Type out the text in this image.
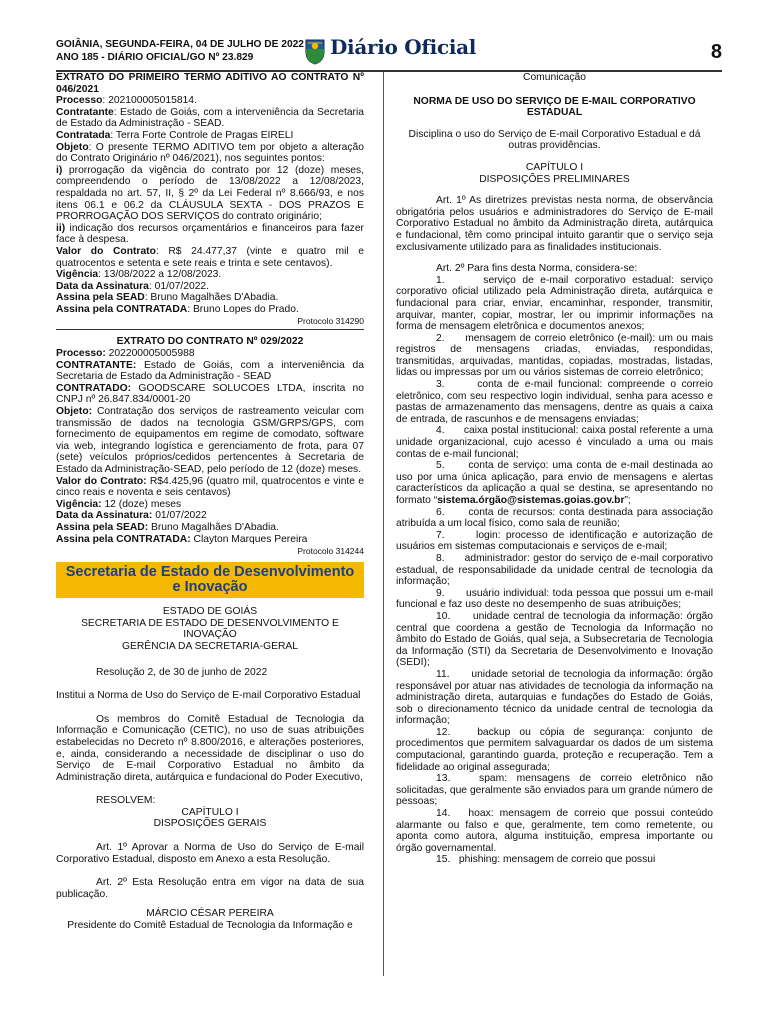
GOIÂNIA, SEGUNDA-FEIRA, 04 DE JULHO DE 2022
ANO 185 - DIÁRIO OFICIAL/GO Nº 23.829	Diário Oficial	8

EXTRATO DO PRIMEIRO TERMO ADITIVO AO CONTRATO Nº 046/2021

Processo: 202100005015814.

Contratante: Estado de Goiás, com a interveniência da Secretaria de Estado da Administração - SEAD.

Contratada: Terra Forte Controle de Pragas EIRELI

Objeto: O presente TERMO ADITIVO tem por objeto a alteração do Contrato Originário nº 046/2021), nos seguintes pontos:

i) prorrogação da vigência do contrato por 12 (doze) meses, compreendendo o período de 13/08/2022 a 12/08/2023, respaldada no art. 57, II, § 2º da Lei Federal nº 8.666/93, e nos itens 06.1 e 06.2 da CLÁUSULA SEXTA - DOS PRAZOS E PRORROGAÇÃO DOS SERVIÇOS do contrato originário;

ii) indicação dos recursos orçamentários e financeiros para fazer face à despesa.

Valor do Contrato: R$ 24.477,37 (vinte e quatro mil e quatrocentos e setenta e sete reais e trinta e sete centavos).

Vigência: 13/08/2022 a 12/08/2023.

Data da Assinatura: 01/07/2022.

Assina pela SEAD: Bruno Magalhães D'Abadia.

Assina pela CONTRATADA: Bruno Lopes do Prado.

Protocolo 314290

EXTRATO DO CONTRATO Nº 029/2022

Processo: 202200005005988

CONTRATANTE: Estado de Goiás, com a interveniência da Secretaria de Estado da Administração - SEAD

CONTRATADO: GOODSCARE SOLUCOES LTDA, inscrita no CNPJ nº 26.847.834/0001-20

Objeto: Contratação dos serviços de rastreamento veicular com transmissão de dados na tecnologia GSM/GRPS/GPS, com fornecimento de equipamentos em regime de comodato, software via web, integrando logística e gerenciamento de frota, para 07 (sete) veículos próprios/cedidos pertencentes à Secretaria de Estado da Administração-SEAD, pelo período de 12 (doze) meses.

Valor do Contrato: R$4.425,96 (quatro mil, quatrocentos e vinte e cinco reais e noventa e seis centavos)

Vigência: 12 (doze) meses

Data da Assinatura: 01/07/2022

Assina pela SEAD: Bruno Magalhães D'Abadia.

Assina pela CONTRATADA: Clayton Marques Pereira

Protocolo 314244

Secretaria de Estado de Desenvolvimento e Inovação

ESTADO DE GOIÁS

SECRETARIA DE ESTADO DE DESENVOLVIMENTO E INOVAÇÃO

GERÊNCIA DA SECRETARIA-GERAL

Resolução 2, de 30 de junho de 2022

Institui a Norma de Uso do Serviço de E-mail Corporativo Estadual

Os membros do Comitê Estadual de Tecnologia da Informação e Comunicação (CETIC), no uso de suas atribuições estabelecidas no Decreto nº 8.800/2016, e alterações posteriores, e, ainda, considerando a necessidade de disciplinar o uso do Serviço de E-mail Corporativo Estadual no âmbito da Administração direta, autárquica e fundacional do Poder Executivo,

RESOLVEM:

CAPÍTULO I

DISPOSIÇÕES GERAIS

Art. 1º Aprovar a Norma de Uso do Serviço de E-mail Corporativo Estadual, disposto em Anexo a esta Resolução.

Art. 2º Esta Resolução entra em vigor na data de sua publicação.

MÁRCIO CÉSAR PEREIRA

Presidente do Comitê Estadual de Tecnologia da Informação e

Comunicação

NORMA DE USO DO SERVIÇO DE E-MAIL CORPORATIVO ESTADUAL

Disciplina o uso do Serviço de E-mail Corporativo Estadual e dá outras providências.

CAPÍTULO I

DISPOSIÇÕES PRELIMINARES

Art. 1º As diretrizes previstas nesta norma, de observância obrigatória pelos usuários e administradores do Serviço de E-mail Corporativo Estadual no âmbito da Administração direta, autárquica e fundacional, têm como principal intuito garantir que o serviço seja exclusivamente utilizado para as finalidades institucionais.

Art. 2º Para fins desta Norma, considera-se:

1.      serviço de e-mail corporativo estadual: serviço corporativo oficial utilizado pela Administração direta, autárquica e fundacional para criar, enviar, encaminhar, responder, transmitir, arquivar, manter, copiar, mostrar, ler ou imprimir informações na forma de mensagem eletrônica e documentos anexos;

2.      mensagem de correio eletrônico (e-mail): um ou mais registros de mensagens criadas, enviadas, respondidas, transmitidas, arquivadas, mantidas, copiadas, mostradas, listadas, lidas ou impressas por um ou vários sistemas de correio eletrônico;

3.      conta de e-mail funcional: compreende o correio eletrônico, com seu respectivo login individual, senha para acesso e pastas de armazenamento das mensagens, dentre as quais a caixa de entrada, de rascunhos e de mensagens enviadas;

4.      caixa postal institucional: caixa postal referente a uma unidade organizacional, cujo acesso é vinculado a uma ou mais contas de e-mail funcional;

5.      conta de serviço: uma conta de e-mail destinada ao uso por uma única aplicação, para envio de mensagens e alertas característicos da aplicação a qual se destina, se apresentando no formato “sistema.órgão@sistemas.goias.gov.br”;

6.      conta de recursos: conta destinada para associação atribuída a um local físico, como sala de reunião;

7.      login: processo de identificação e autorização de usuários em sistemas computacionais e serviços de e-mail;

8.      administrador: gestor do serviço de e-mail corporativo estadual, de responsabilidade da unidade central de tecnologia da informação;

9.      usuário individual: toda pessoa que possui um e-mail funcional e faz uso deste no desempenho de suas atribuições;

10.      unidade central de tecnologia da informação: órgão central que coordena a gestão de Tecnologia da Informação no âmbito do Estado de Goiás, qual seja, a Subsecretaria de Tecnologia da Informação (STI) da Secretaria de Desenvolvimento e Inovação (SEDI);

11.      unidade setorial de tecnologia da informação: órgão responsável por atuar nas atividades de tecnologia da informação na administração direta, autarquias e fundações do Estado de Goiás, sob o direcionamento técnico da unidade central de tecnologia da informação;

12.   backup ou cópia de segurança: conjunto de procedimentos que permitem salvaguardar os dados de um sistema computacional, garantindo guarda, proteção e recuperação. Tem a fidelidade ao original assegurada;

13.   spam: mensagens de correio eletrônico não solicitadas, que geralmente são enviados para um grande número de pessoas;

14.   hoax: mensagem de correio que possui conteúdo alarmante ou falso e que, geralmente, tem como remetente, ou aponta como autora, alguma instituição, empresa importante ou órgão governamental.

15.   phishing: mensagem de correio que possui
